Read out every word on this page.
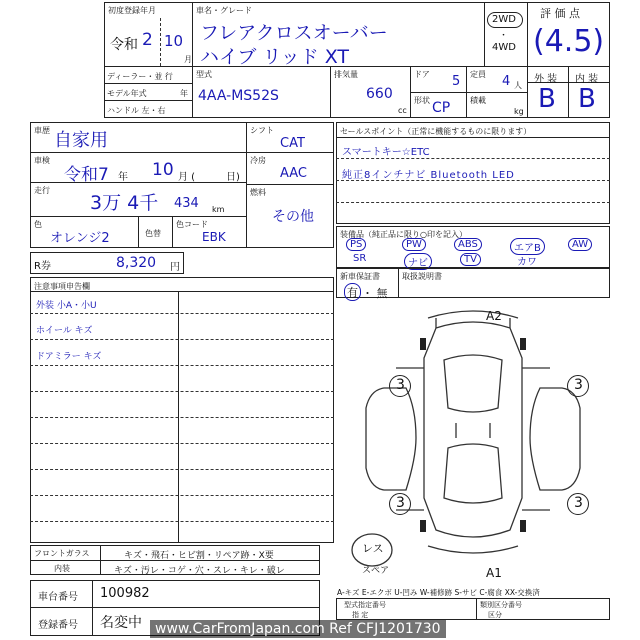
初度登録年月
令和 2 10
月
車名・グレード
フレアクロスオーバー
ハイブ リッド XT
2WD
・
4WD
評 価 点
(4.5)
外 装 内 装
B B
ディーラー・並 行
モデル年式	年
ハンドル 左・右
型式
4AA-MS52S
排気量
660
cc
ドア 5 定員 4 人
形状 CP 積載
kg
車歴 自家用
車検
令和7 年 10 月 (	日)
走行
3万 4千 434 km
色
オレンジ2	色替
色コード
EBK
シフト
CAT
冷房
AAC
燃料
その他
R券	8,320 円
セールスポイント（正常に機能するものに限ります）
スマートキー☆ETC
純正8インチナビ Bluetooth LED
装備品（純正品に限り○印を記入）
PS	PW	ABS	エアB	AW
SR	ナビ	TV	カワ
新車保証書
有 ・ 無
取扱説明書
注意事項申告欄
外装 小A・小U
ホイール キズ
ドアミラー キズ
フロントガラス	キズ・飛石・ヒビ割・リペア跡・X要
内装	キズ・汚レ・コゲ・穴・スレ・キレ・破レ
車台番号 100982
登録番号 名変中
3	3
3	3
A2
A1
レス
スペア
A-キズ E-エクボ U-凹み W-補修跡 S-サビ C-腐食 XX-交換済
型式指定番号
指 定
類別区分番号
区分
www.CarFromJapan.com Ref CFJ1201730
